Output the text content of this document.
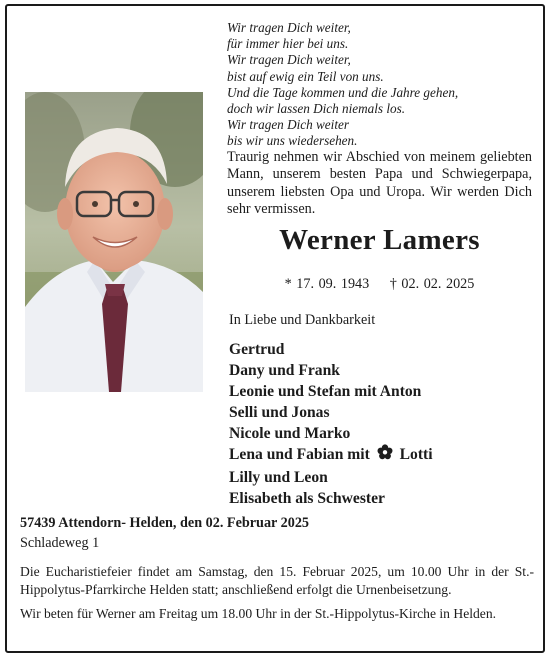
Wir tragen Dich weiter,
für immer hier bei uns.
Wir tragen Dich weiter,
bist auf ewig ein Teil von uns.
Und die Tage kommen und die Jahre gehen,
doch wir lassen Dich niemals los.
Wir tragen Dich weiter
bis wir uns wiedersehen.
Traurig nehmen wir Abschied von meinem geliebten Mann, unserem besten Papa und Schwiegerpapa, unserem liebsten Opa und Uropa. Wir werden Dich sehr vermissen.
Werner Lamers
* 17. 09. 1943 † 02. 02. 2025
In Liebe und Dankbarkeit
Gertrud
Dany und Frank
Leonie und Stefan mit Anton
Selli und Jonas
Nicole und Marko
Lena und Fabian mit Lotti
Lilly und Leon
Elisabeth als Schwester
57439 Attendorn- Helden, den 02. Februar 2025
Schladeweg 1
Die Eucharistiefeier findet am Samstag, den 15. Februar 2025, um 10.00 Uhr in der St.-Hippolytus-Pfarrkirche Helden statt; anschließend erfolgt die Urnenbeisetzung.
Wir beten für Werner am Freitag um 18.00 Uhr in der St.-Hippolytus-Kirche in Helden.
